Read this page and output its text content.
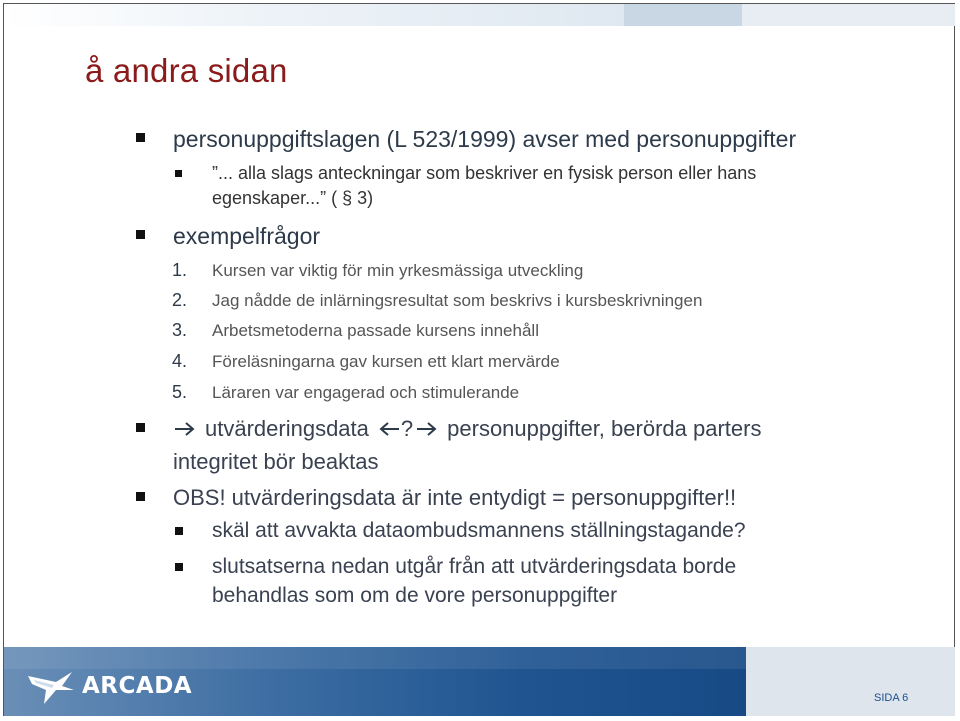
å andra sidan
personuppgiftslagen (L 523/1999) avser med personuppgifter
”... alla slags anteckningar som beskriver en fysisk person eller hans
egenskaper...” ( § 3)
exempelfrågor
1. Kursen var viktig för min yrkesmässiga utveckling
2. Jag nådde de inlärningsresultat som beskrivs i kursbeskrivningen
3. Arbetsmetoderna passade kursens innehåll
4. Föreläsningarna gav kursen ett klart mervärde
5. Läraren var engagerad och stimulerande
utvärderingsdata ? personuppgifter, berörda parters
integritet bör beaktas
OBS! utvärderingsdata är inte entydigt = personuppgifter!!
skäl att avvakta dataombudsmannens ställningstagande?
slutsatserna nedan utgår från att utvärderingsdata borde
behandlas som om de vore personuppgifter
ARCADA	SIDA 6
